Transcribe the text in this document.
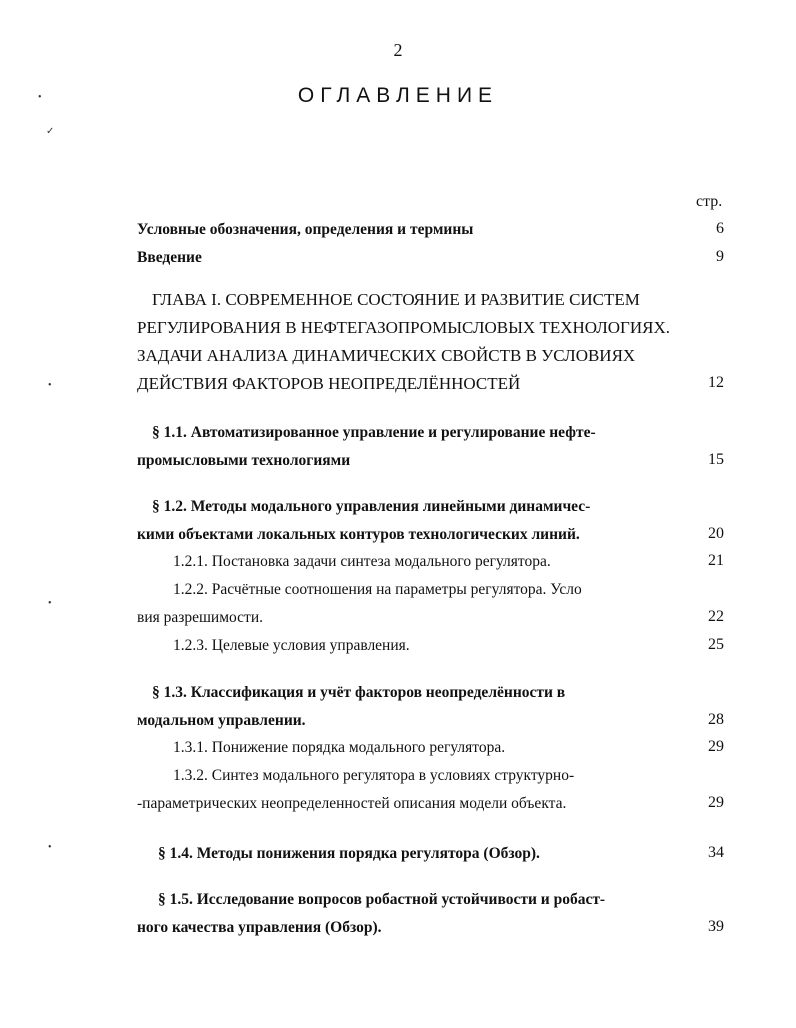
2
ОГЛАВЛЕНИЕ
стр.
•
✓
•
•
•
Условные обозначения, определения и термины	6
Введение	9
ГЛАВА I. СОВРЕМЕННОЕ СОСТОЯНИЕ И РАЗВИТИЕ СИСТЕМ
РЕГУЛИРОВАНИЯ В НЕФТЕГАЗОПРОМЫСЛОВЫХ ТЕХНОЛОГИЯХ.
ЗАДАЧИ АНАЛИЗА ДИНАМИЧЕСКИХ СВОЙСТВ В УСЛОВИЯХ
ДЕЙСТВИЯ ФАКТОРОВ НЕОПРЕДЕЛЁННОСТЕЙ	12
§ 1.1. Автоматизированное управление и регулирование нефте-
промысловыми технологиями	15
§ 1.2. Методы модального управления линейными динамичес-
кими объектами локальных контуров технологических линий.	20
1.2.1. Постановка задачи синтеза модального регулятора.	21
1.2.2. Расчётные соотношения на параметры регулятора. Усло
вия разрешимости.	22
1.2.3. Целевые условия управления.	25
§ 1.3. Классификация и учёт факторов неопределённости в
модальном управлении.	28
1.3.1. Понижение порядка модального регулятора.	29
1.3.2. Синтез модального регулятора в условиях структурно-
-параметрических неопределенностей описания модели объекта.	29
§ 1.4. Методы понижения порядка регулятора (Обзор).	34
§ 1.5. Исследование вопросов робастной устойчивости и робаст-
ного качества управления (Обзор).	39
